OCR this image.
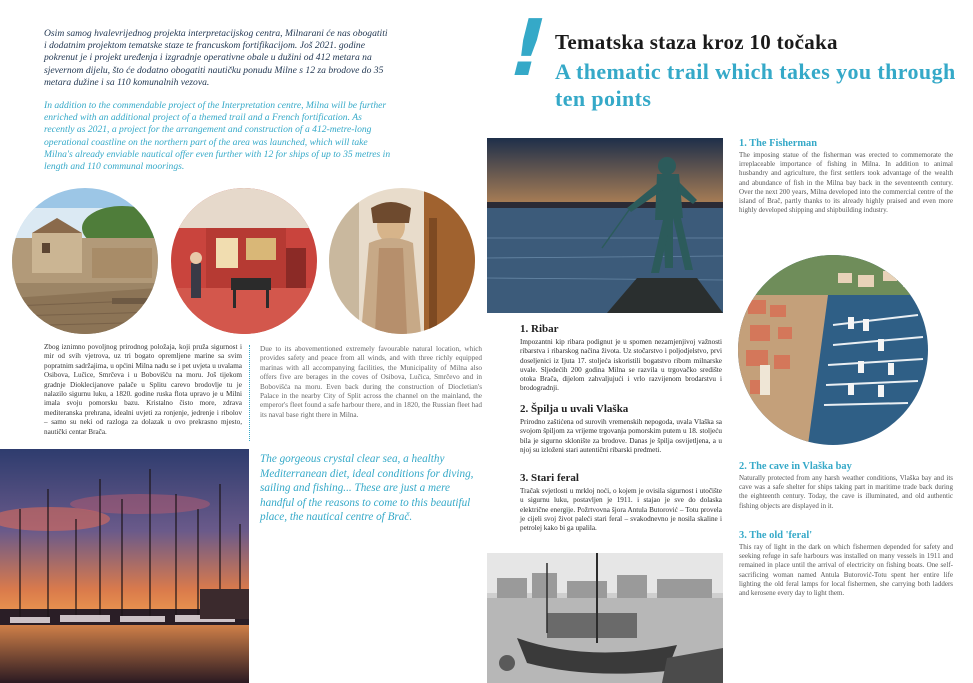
Osim samog hvalevrijednog projekta interpretacijskog centra, Milnarani će nas obogatiti i dodatnim projektom tematske staze te francuskom fortifikacijom. Još 2021. godine pokrenut je i projekt uređenja i izgradnje operativne obale u dužini od 412 metara na sjevernom dijelu, što će dodatno obogatiti nautičku ponudu Milne s 12 za brodove do 35 metara dužine i sa 110 komunalnih vezova.
In addition to the commendable project of the Interpretation centre, Milna will be further enriched with an additional project of a themed trail and a French fortification. As recently as 2021, a project for the arrangement and construction of a 412-metre-long operational coastline on the northern part of the area was launched, which will take Milna's already enviable nautical offer even further with 12 for ships of up to 35 metres in length and 110 communal moorings.
Zbog iznimno povoljnog prirodnog položaja, koji pruža sigurnost i mir od svih vjetrova, uz tri bogato opremljene marine sa svim popratnim sadržajima, u općini Milna nađu se i pet uvjeta u uvalama Osibova, Lučice, Smrčeva i u Bobovišću na moru. Još tijekom gradnje Dioklecijanove palače u Splitu carevo brodovlje tu je nalazilo sigurnu luku, a 1820. godine ruska flota upravo je u Milni imala svoju pomorsku bazu. Kristalno čisto more, zdrava mediteranska prehrana, idealni uvjeti za ronjenje, jedrenje i ribolov – samo su neki od razloga za dolazak u ovo prekrasno mjesto, nautički centar Brača.
Due to its abovementioned extremely favourable natural location, which provides safety and peace from all winds, and with three richly equipped marinas with all accompanying facilities, the Municipality of Milna also offers five are berages in the coves of Osibova, Lučica, Smrčevo and in Bobovišća na moru. Even back during the construction of Diocletian's Palace in the nearby City of Split across the channel on the mainland, the emperor's fleet found a safe harbour there, and in 1820, the Russian fleet had its naval base right there in Milna.
The gorgeous crystal clear sea, a healthy Mediterranean diet, ideal conditions for diving, sailing and fishing... These are just a mere handful of the reasons to come to this beautiful place, the nautical centre of Brač.
!
Tematska staza kroz 10 točaka
A thematic trail which takes you through ten points
1. Ribar
Impozantni kip ribara podignut je u spomen nezamjenjivoj važnosti ribarstva i ribarskog načina života. Uz stočarstvo i poljodjelstvo, prvi doseljenici iz Ijuta 17. stoljeća iskoristili bogatstvo ribom milnarske uvale. Sljedećih 200 godina Milna se razvila u trgovačko središte otoka Brača, dijelom zahvaljujući i vrlo razvijenom brodarstvu i brodogradnji.
2. Špilja u uvali Vlaška
Prirodno zaštićena od surovih vremenskih nepogoda, uvala Vlaška sa svojom špiljom za vrijeme trgovanja pomorskim putem u 18. stoljeću bila je sigurno sklonište za brodove. Danas je špilja osvijetljena, a u njoj su izloženi stari autentični ribarski predmeti.
3. Stari feral
Tračak svjetlosti u mrklој noći, o kojem je ovisila sigurnost i utočište u sigurnu luku, postavljen je 1911. i stajao je sve do dolaska električne energije. Požrtvovna šjora Antula Butorović – Totu provela je cijeli svoj život paleći stari feral – svakodnevno je nosila skaline i petrolej kako bi ga upalila.
1. The Fisherman
The imposing statue of the fisherman was erected to commemorate the irreplaceable importance of fishing in Milna. In addition to animal husbandry and agriculture, the first settlers took advantage of the wealth and abundance of fish in the Milna bay back in the seventeenth century. Over the next 200 years, Milna developed into the commercial centre of the island of Brač, partly thanks to its already highly praised and even more highly developed shipping and shipbuilding industry.
2. The cave in Vlaška bay
Naturally protected from any harsh weather conditions, Vlaška bay and its cave was a safe shelter for ships taking part in maritime trade back during the eighteenth century. Today, the cave is illuminated, and old authentic fishing objects are displayed in it.
3. The old 'feral'
This ray of light in the dark on which fishermen depended for safety and seeking refuge in safe harbours was installed on many vessels in 1911 and remained in place until the arrival of electricity on fishing boats. One self-sacrificing woman named Antula Butorović-Totu spent her entire life lighting the old feral lamps for local fishermen, she carrying both ladders and kerosene every day to light them.
